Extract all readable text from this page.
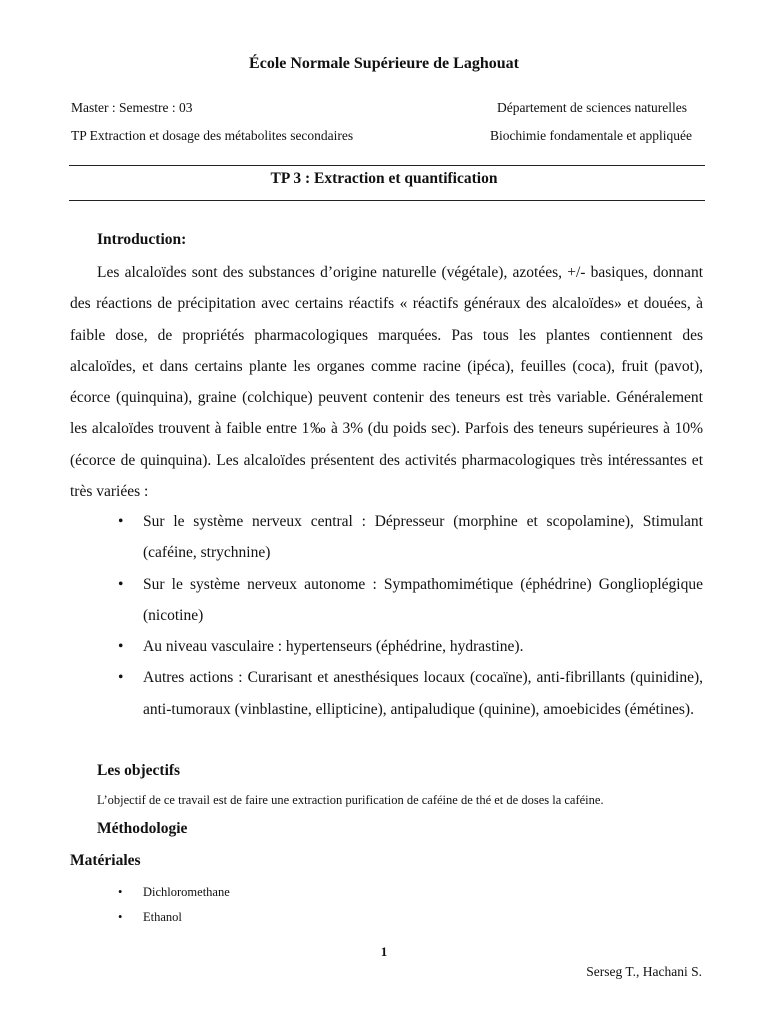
École Normale Supérieure de Laghouat
Master : Semestre : 03	Département de sciences naturelles
TP Extraction et dosage des métabolites secondaires	Biochimie fondamentale et appliquée
TP 3 : Extraction et quantification
Introduction:

Les alcaloïdes sont des substances d’origine naturelle (végétale), azotées, +/- basiques, donnant des réactions de précipitation avec certains réactifs « réactifs généraux des alcaloïdes» et douées, à faible dose, de propriétés pharmacologiques marquées. Pas tous les plantes contiennent des alcaloïdes, et dans certains plante les organes comme racine (ipéca), feuilles (coca), fruit (pavot), écorce (quinquina), graine (colchique) peuvent contenir des teneurs est très variable. Généralement les alcaloïdes trouvent à faible entre 1‰ à 3% (du poids sec). Parfois des teneurs supérieures à 10% (écorce de quinquina). Les alcaloïdes présentent des activités pharmacologiques très intéressantes et très variées :

• Sur le système nerveux central : Dépresseur (morphine et scopolamine), Stimulant (caféine, strychnine)
• Sur le système nerveux autonome : Sympathomimétique (éphédrine) Gonglioplégique (nicotine)
• Au niveau vasculaire : hypertenseurs (éphédrine, hydrastine).
• Autres actions : Curarisant et anesthésiques locaux (cocaïne), anti-fibrillants (quinidine), anti-tumoraux (vinblastine, ellipticine), antipaludique (quinine), amoebicides (émétines).
Les objectifs
L’objectif de ce travail est de faire une extraction purification de caféine de thé et de doses la caféine.
Méthodologie
Matériales
• Dichloromethane
• Ethanol
1
Serseg T., Hachani S.
